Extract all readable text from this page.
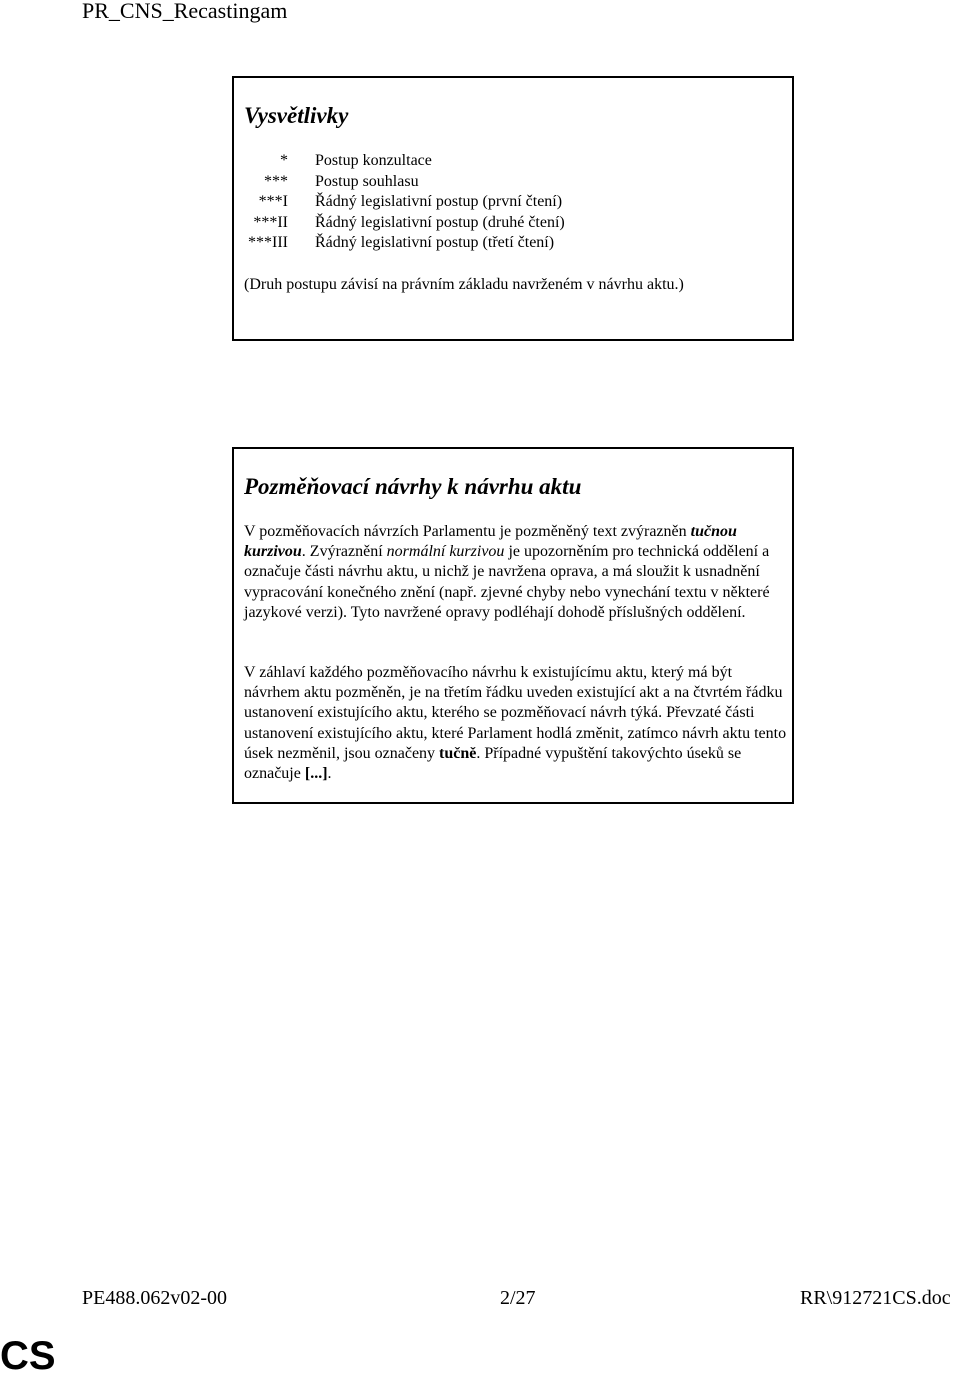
PR_CNS_Recastingam
Vysvětlivky
* Postup konzultace
*** Postup souhlasu
***I Řádný legislativní postup (první čtení)
***II Řádný legislativní postup (druhé čtení)
***III Řádný legislativní postup (třetí čtení)
(Druh postupu závisí na právním základu navrženém v návrhu aktu.)
Pozměňovací návrhy k návrhu aktu
V pozměňovacích návrzích Parlamentu je pozměněný text zvýrazněn tučnou kurzivou. Zvýraznění normální kurzivou je upozorněním pro technická oddělení a označuje části návrhu aktu, u nichž je navržena oprava, a má sloužit k usnadnění vypracování konečného znění (např. zjevné chyby nebo vynechání textu v některé jazykové verzi). Tyto navržené opravy podléhají dohodě příslušných oddělení.
V záhlaví každého pozměňovacího návrhu k existujícímu aktu, který má být návrhem aktu pozměněn, je na třetím řádku uveden existující akt a na čtvrtém řádku ustanovení existujícího aktu, kterého se pozměňovací návrh týká. Převzaté části ustanovení existujícího aktu, které Parlament hodlá změnit, zatímco návrh aktu tento úsek nezměnil, jsou označeny tučně. Případné vypuštění takovýchto úseků se označuje [...].
PE488.062v02-00	2/27	RR\912721CS.doc
CS
